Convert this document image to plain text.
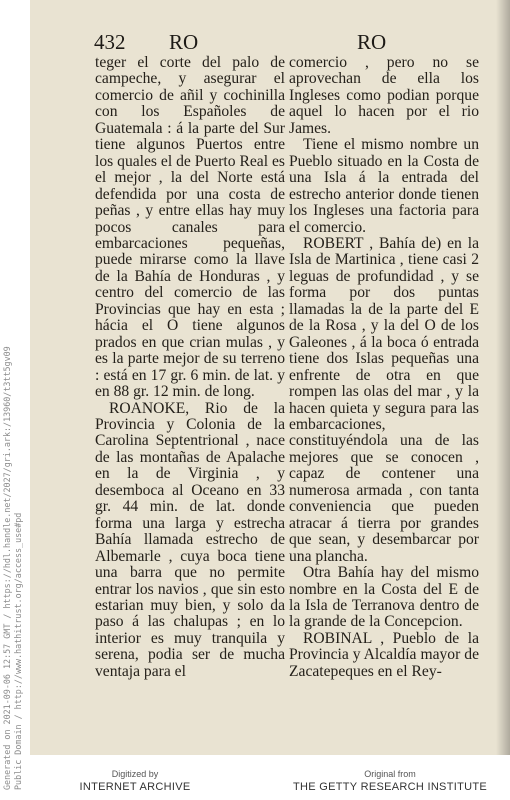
432 RO	RO

teger el corte del palo de campeche, y asegurar el comercio de añil y cochinilla con los Españoles de Guatemala : á la parte del Sur tiene algunos Puertos entre los quales el de Puerto Real es el mejor , la del Norte está defendida por una costa de peñas , y entre ellas hay muy pocos canales para embarcaciones pequeñas, puede mirarse como la llave de la Bahía de Honduras , y centro del comercio de las Provincias que hay en esta ; hácia el O tiene algunos prados en que crian mulas , y es la parte mejor de su terreno : está en 17 gr. 6 min. de lat. y en 88 gr. 12 min. de long.

ROANOKE, Rio de la Provincia y Colonia de la Carolina Septentrional , nace de las montañas de Apalache en la de Virginia , y desemboca al Oceano en 33 gr. 44 min. de lat. donde forma una larga y estrecha Bahía llamada estrecho de Albemarle , cuya boca tiene una barra que no permite entrar los navios , que sin esto estarian muy bien, y solo da paso á las chalupas ; en lo interior es muy tranquila y serena, podia ser de mucha ventaja para el

comercio , pero no se aprovechan de ella los Ingleses como podian porque aquel lo hacen por el rio James.

Tiene el mismo nombre un Pueblo situado en la Costa de una Isla á la entrada del estrecho anterior donde tienen los Ingleses una factoria para el comercio.

ROBERT , Bahía de) en la Isla de Martinica , tiene casi 2 leguas de profundidad , y se forma por dos puntas llamadas la de la parte del E de la Rosa , y la del O de los Galeones , á la boca ó entrada tiene dos Islas pequeñas una enfrente de otra en que rompen las olas del mar , y la hacen quieta y segura para las embarcaciones, constituyéndola una de las mejores que se conocen , capaz de contener una numerosa armada , con tanta conveniencia que pueden atracar á tierra por grandes que sean, y desembarcar por una plancha.

Otra Bahía hay del mismo nombre en la Costa del E de la Isla de Terranova dentro de la grande de la Concepcion.

ROBINAL , Pueblo de la Provincia y Alcaldía mayor de Zacatepeques en el Rey-

Generated on 2021-09-06 12:57 GMT / https://hdl.handle.net/2027/gri.ark:/13960/t3tt5gv09 Public Domain / http://www.hathitrust.org/access_use#pd	Digitized by
INTERNET ARCHIVE
Original from
THE GETTY RESEARCH INSTITUTE
